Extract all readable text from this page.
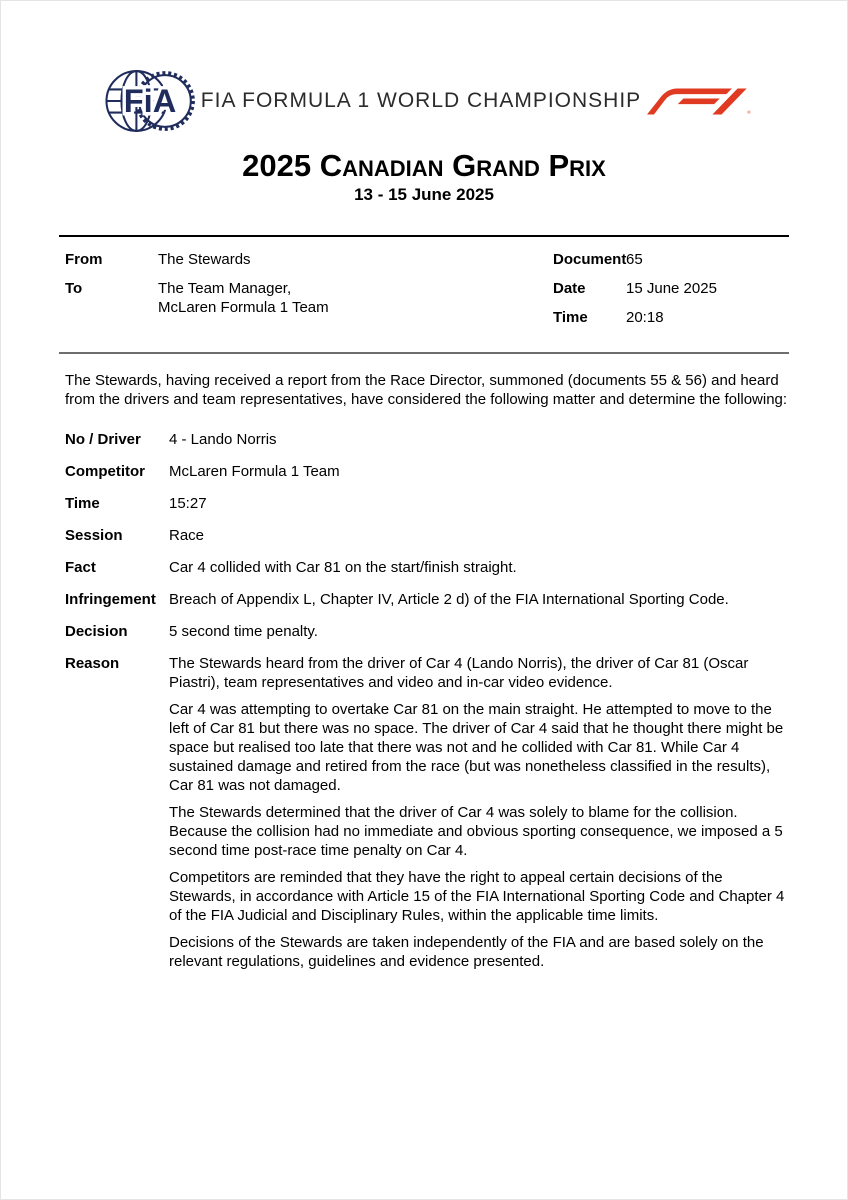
FiA FIA FORMULA 1 WORLD CHAMPIONSHIP
®
2025 Canadian Grand Prix
13 - 15 June 2025
From	The Stewards
To	The Team Manager,
McLaren Formula 1 Team
Document 65
Date	15 June 2025
Time	20:18
The Stewards, having received a report from the Race Director, summoned (documents 55 & 56) and heard from the drivers and team representatives, have considered the following matter and determine the following:
No / Driver	4 - Lando Norris
Competitor	McLaren Formula 1 Team
Time	15:27
Session	Race
Fact	Car 4 collided with Car 81 on the start/finish straight.
Infringement Breach of Appendix L, Chapter IV, Article 2 d) of the FIA International Sporting Code.
Decision	5 second time penalty.
Reason	The Stewards heard from the driver of Car 4 (Lando Norris), the driver of Car 81 (Oscar Piastri), team representatives and video and in-car video evidence.

Car 4 was attempting to overtake Car 81 on the main straight. He attempted to move to the left of Car 81 but there was no space. The driver of Car 4 said that he thought there might be space but realised too late that there was not and he collided with Car 81. While Car 4 sustained damage and retired from the race (but was nonetheless classified in the results), Car 81 was not damaged.

The Stewards determined that the driver of Car 4 was solely to blame for the collision. Because the collision had no immediate and obvious sporting consequence, we imposed a 5 second time post-race time penalty on Car 4.

Competitors are reminded that they have the right to appeal certain decisions of the Stewards, in accordance with Article 15 of the FIA International Sporting Code and Chapter 4 of the FIA Judicial and Disciplinary Rules, within the applicable time limits.

Decisions of the Stewards are taken independently of the FIA and are based solely on the relevant regulations, guidelines and evidence presented.
